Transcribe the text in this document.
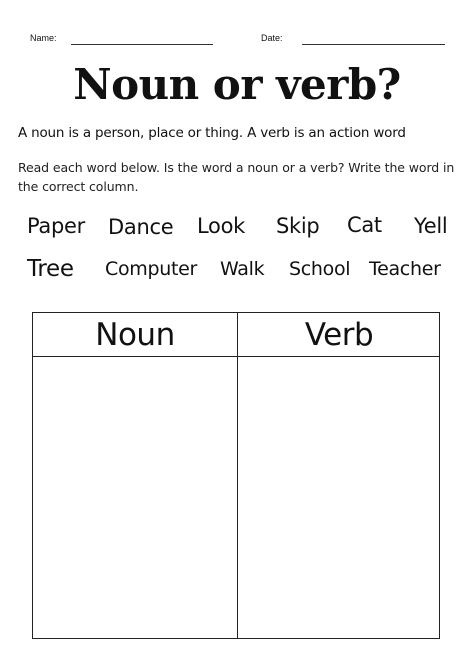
Name:	Date:
Noun or verb?
A noun is a person, place or thing. A verb is an action word
Read each word below. Is the word a noun or a verb? Write the word in the correct column.
Paper Dance Look Skip Cat Yell
Tree Computer Walk School Teacher
Noun	Verb
